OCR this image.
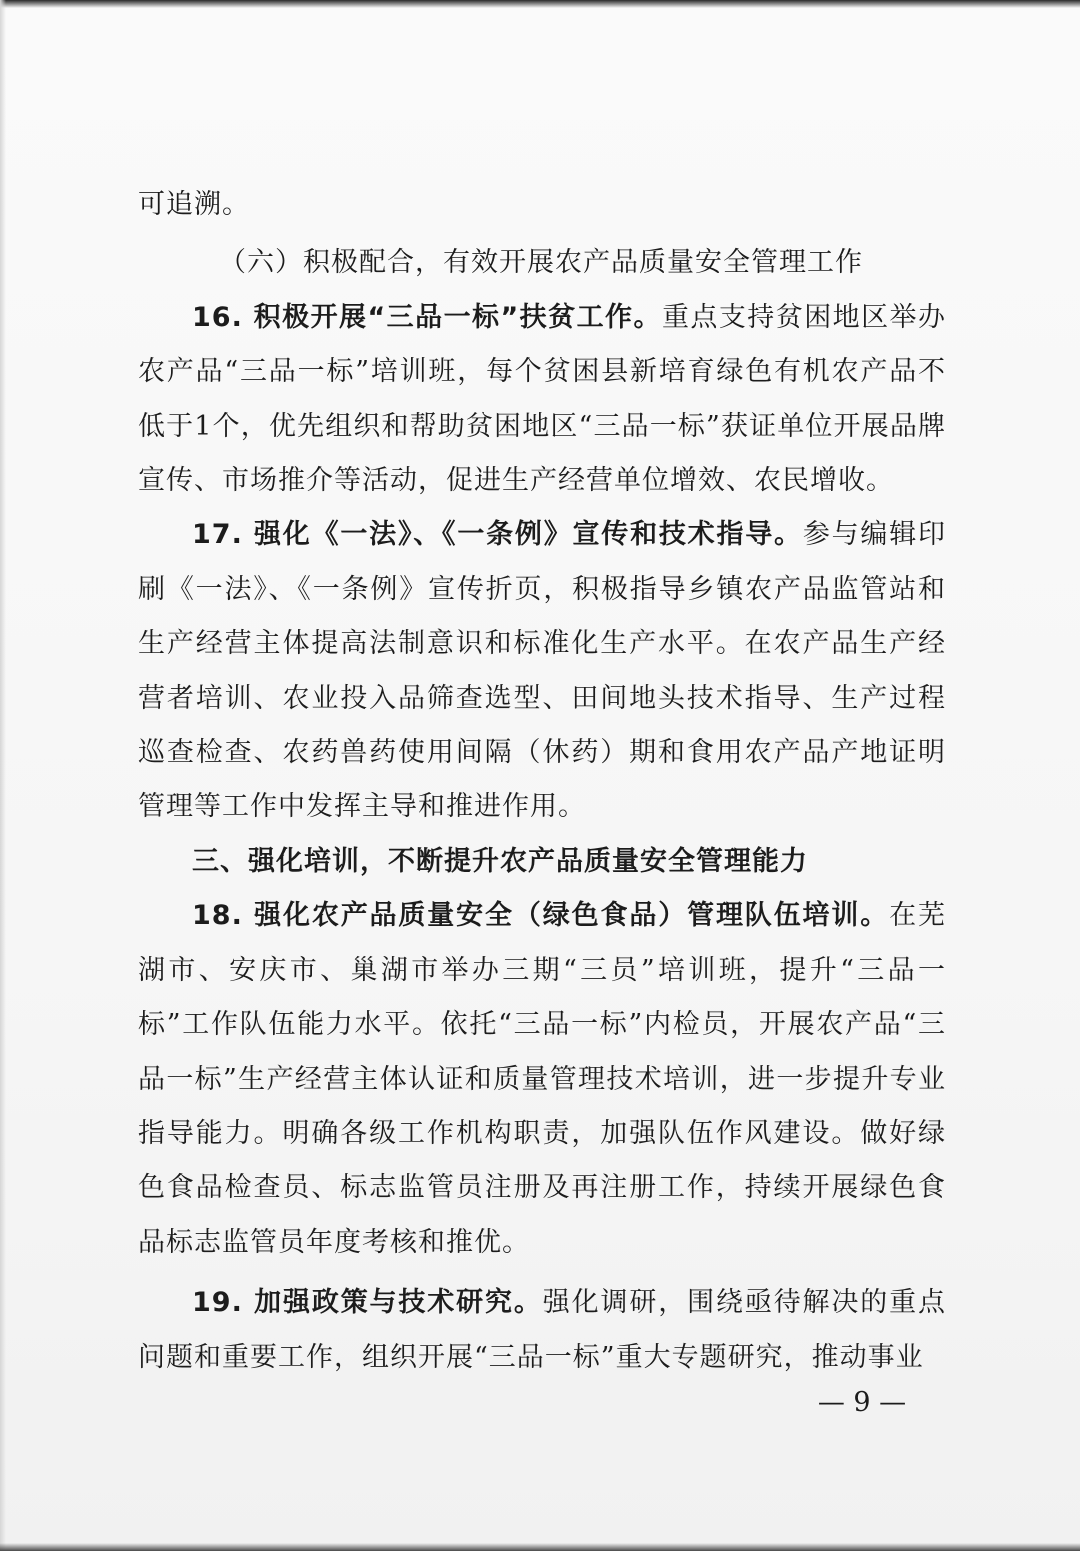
可追溯。

（六）积极配合，有效开展农产品质量安全管理工作

16. 积极开展“三品一标”扶贫工作。重点支持贫困地区举办农产品“三品一标”培训班，每个贫困县新培育绿色有机农产品不低于1个，优先组织和帮助贫困地区“三品一标”获证单位开展品牌宣传、市场推介等活动，促进生产经营单位增效、农民增收。

17. 强化《一法》、《一条例》宣传和技术指导。参与编辑印刷《一法》、《一条例》宣传折页，积极指导乡镇农产品监管站和生产经营主体提高法制意识和标准化生产水平。在农产品生产经营者培训、农业投入品筛查选型、田间地头技术指导、生产过程巡查检查、农药兽药使用间隔（休药）期和食用农产品产地证明管理等工作中发挥主导和推进作用。

三、强化培训，不断提升农产品质量安全管理能力

18. 强化农产品质量安全（绿色食品）管理队伍培训。在芜湖市、安庆市、巢湖市举办三期“三员”培训班，提升“三品一标”工作队伍能力水平。依托“三品一标”内检员，开展农产品“三品一标”生产经营主体认证和质量管理技术培训，进一步提升专业指导能力。明确各级工作机构职责，加强队伍作风建设。做好绿色食品检查员、标志监管员注册及再注册工作，持续开展绿色食品标志监管员年度考核和推优。

19. 加强政策与技术研究。强化调研，围绕亟待解决的重点问题和重要工作，组织开展“三品一标”重大专题研究，推动事业

— 9 —
